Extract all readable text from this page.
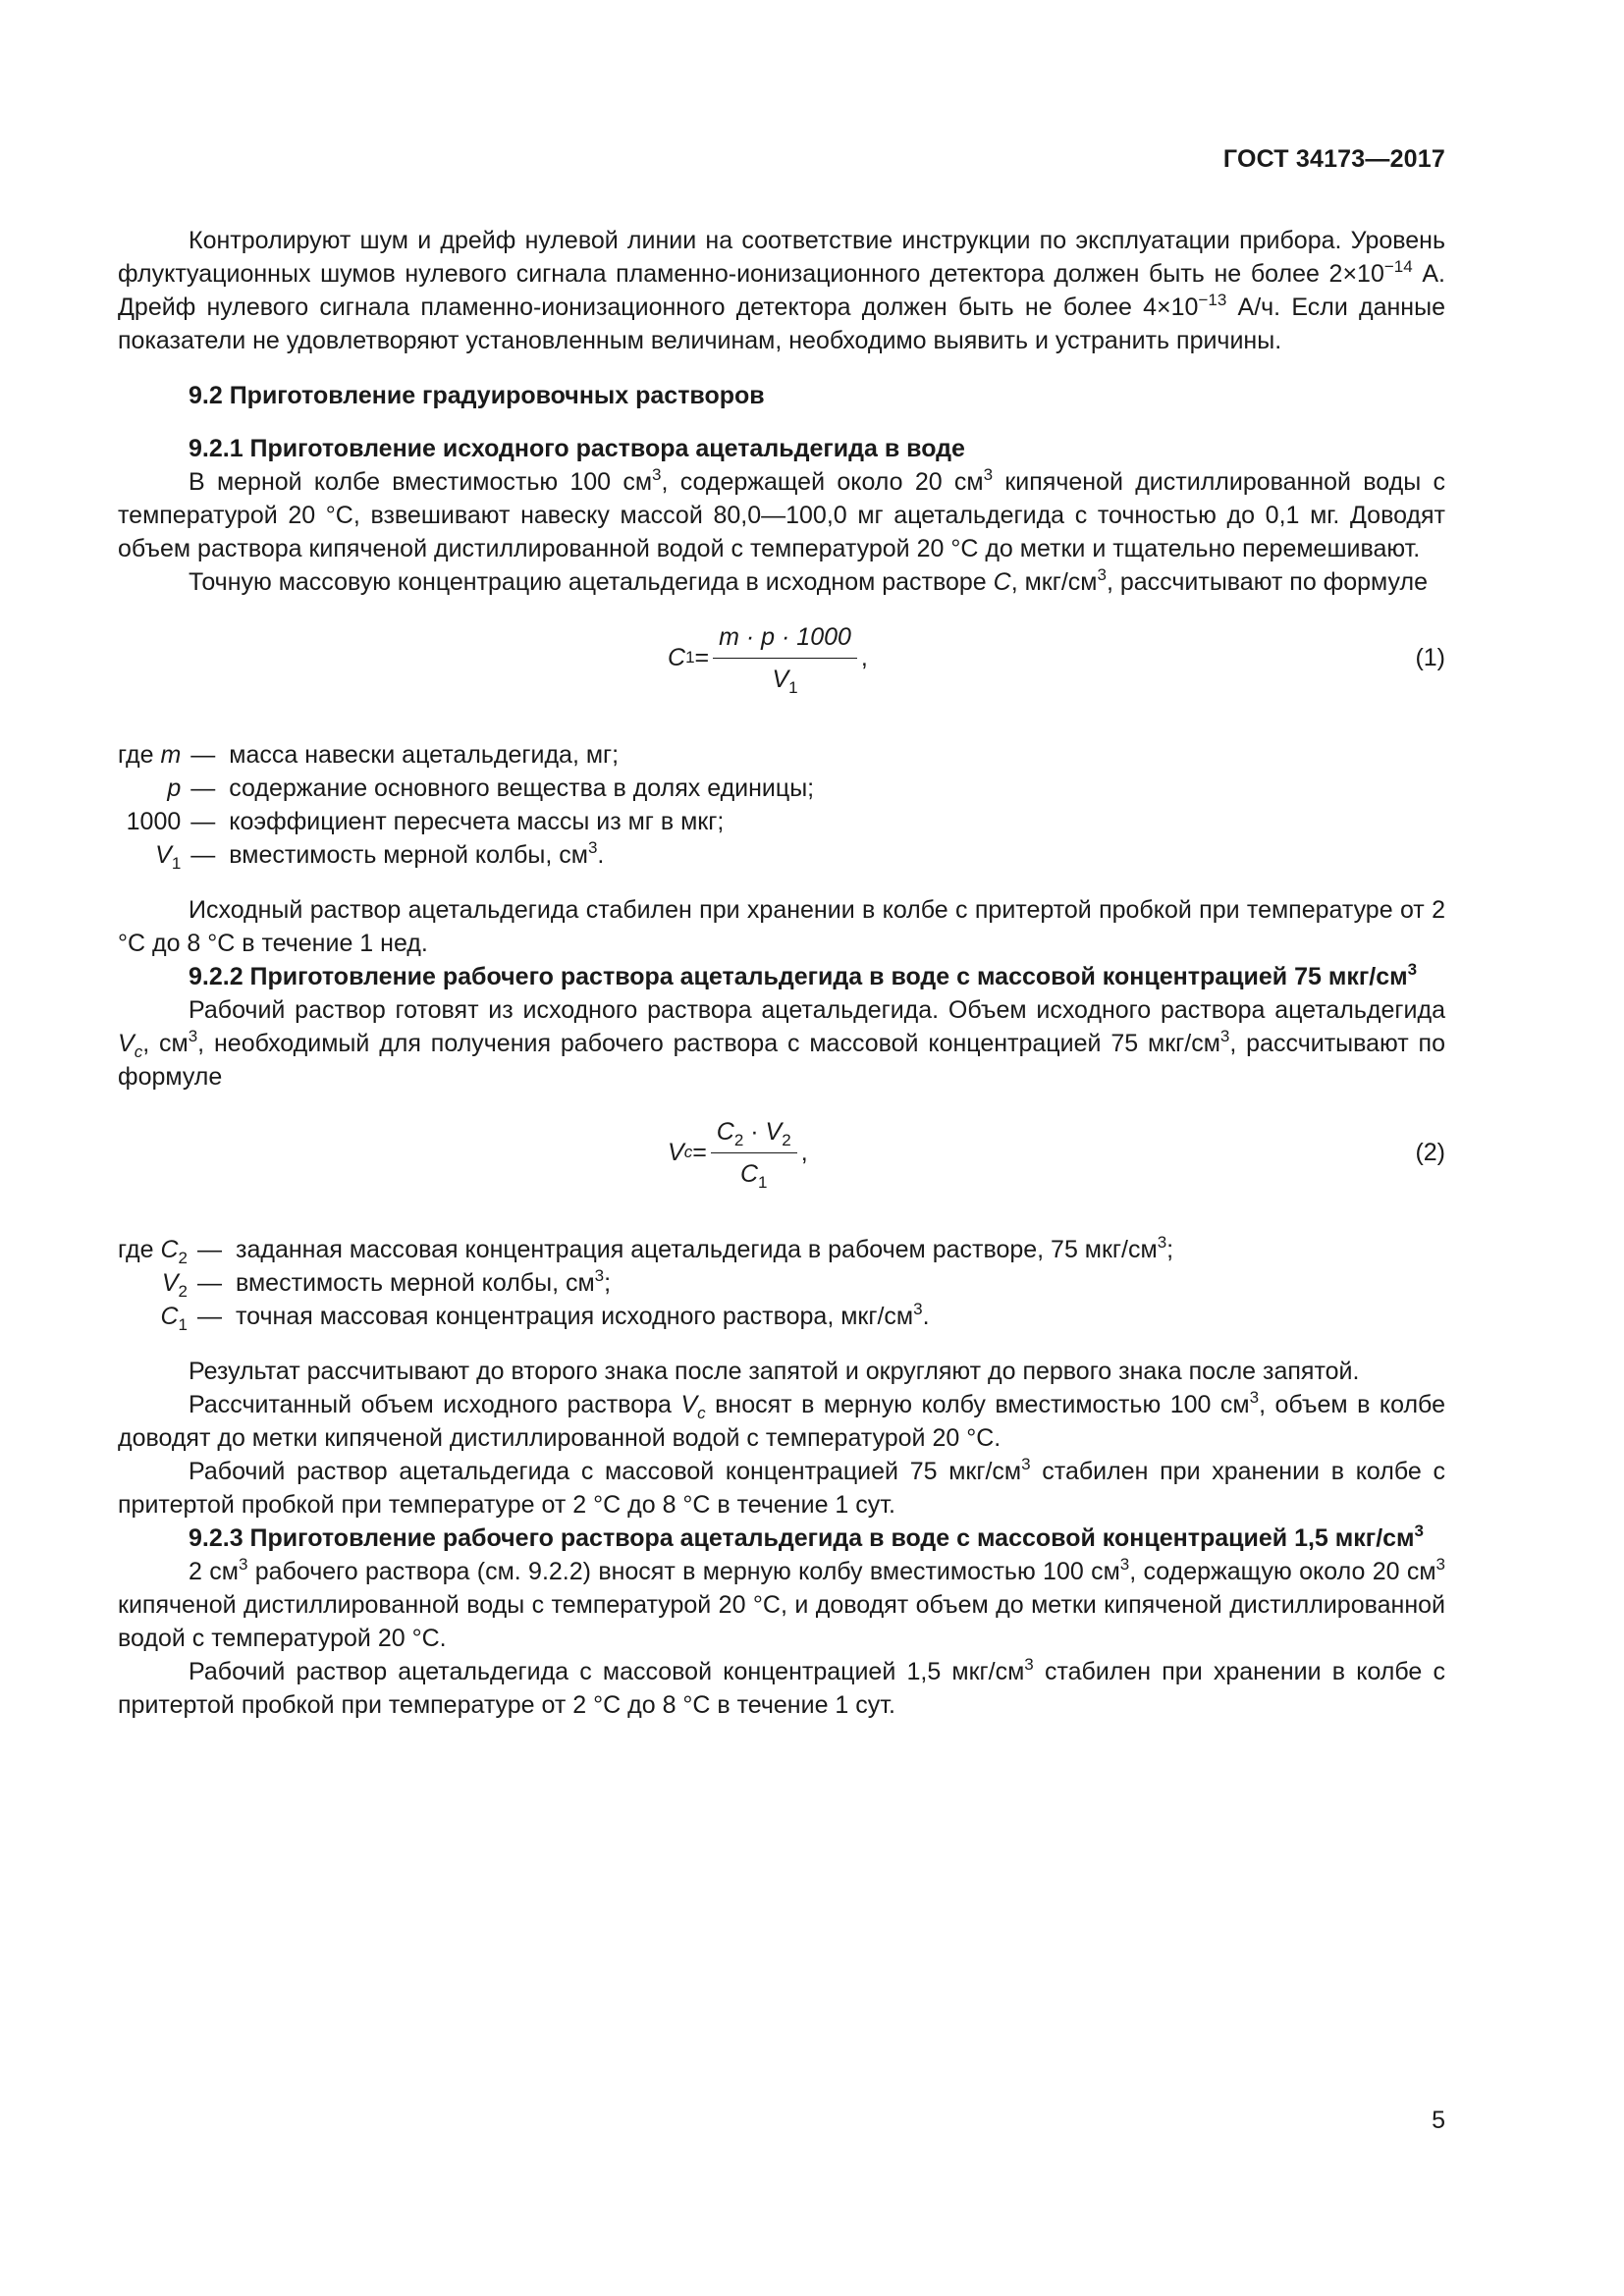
ГОСТ 34173—2017

Контролируют шум и дрейф нулевой линии на соответствие инструкции по эксплуатации прибора. Уровень флуктуационных шумов нулевого сигнала пламенно-ионизационного детектора должен быть не более $2\times 10^{-14}$ А. Дрейф нулевого сигнала пламенно-ионизационного детектора должен быть не более $4\times 10^{-13}$ А/ч. Если данные показатели не удовлетворяют установленным величинам, необходимо выявить и устранить причины.

9.2 Приготовление градуировочных растворов
9.2.1 Приготовление исходного раствора ацетальдегида в воде

В мерной колбе вместимостью 100 $см^3$, содержащей около 20 $см^3$ кипяченой дистиллированной воды с температурой 20 °С, взвешивают навеску массой 80,0—100,0 мг ацетальдегида с точностью до 0,1 мг. Доводят объем раствора кипяченой дистиллированной водой с температурой 20 °С до метки и тщательно перемешивают.

Точную массовую концентрацию ацетальдегида в исходном растворе C, мкг/$см^3$, рассчитывают по формуле

C $1 = \frac{m \cdot p \cdot 1000}{V_1}$ ,	(1)
где m	—	масса навески ацетальдегида, мг;
p	—	содержание основного вещества в долях единицы;
1000	—	коэффициент пересчета массы из мг в мкг;
$V_1$	—	вместимость мерной колбы, $см^3$.

Исходный раствор ацетальдегида стабилен при хранении в колбе с притертой пробкой при температуре от 2 °С до 8 °С в течение 1 нед.

9.2.2 Приготовление рабочего раствора ацетальдегида в воде с массовой концентрацией 75 мкг/$см^3$

Рабочий раствор готовят из исходного раствора ацетальдегида. Объем исходного раствора ацетальдегида $V_c$, $см^3$, необходимый для получения рабочего раствора с массовой концентрацией 75 мкг/$см^3$, рассчитывают по формуле

V $c = \frac{C_2 \cdot V_2}{C_1}$ ,	(2)
где $C_2$	—	заданная массовая концентрация ацетальдегида в рабочем растворе, 75 мкг/$см^3$;
$V_2$	—	вместимость мерной колбы, $см^3$;
$C_1$	—	точная массовая концентрация исходного раствора, мкг/$см^3$.

Результат рассчитывают до второго знака после запятой и округляют до первого знака после запятой.

Рассчитанный объем исходного раствора $V_c$ вносят в мерную колбу вместимостью 100 $см^3$, объем в колбе доводят до метки кипяченой дистиллированной водой с температурой 20 °С.

Рабочий раствор ацетальдегида с массовой концентрацией 75 мкг/$см^3$ стабилен при хранении в колбе с притертой пробкой при температуре от 2 °С до 8 °С в течение 1 сут.

9.2.3 Приготовление рабочего раствора ацетальдегида в воде с массовой концентрацией 1,5 мкг/$см^3$

2 $см^3$ рабочего раствора (см. 9.2.2) вносят в мерную колбу вместимостью 100 $см^3$, содержащую около 20 $см^3$ кипяченой дистиллированной воды с температурой 20 °С, и доводят объем до метки кипяченой дистиллированной водой с температурой 20 °С.

Рабочий раствор ацетальдегида с массовой концентрацией 1,5 мкг/$см^3$ стабилен при хранении в колбе с притертой пробкой при температуре от 2 °С до 8 °С в течение 1 сут.

5
